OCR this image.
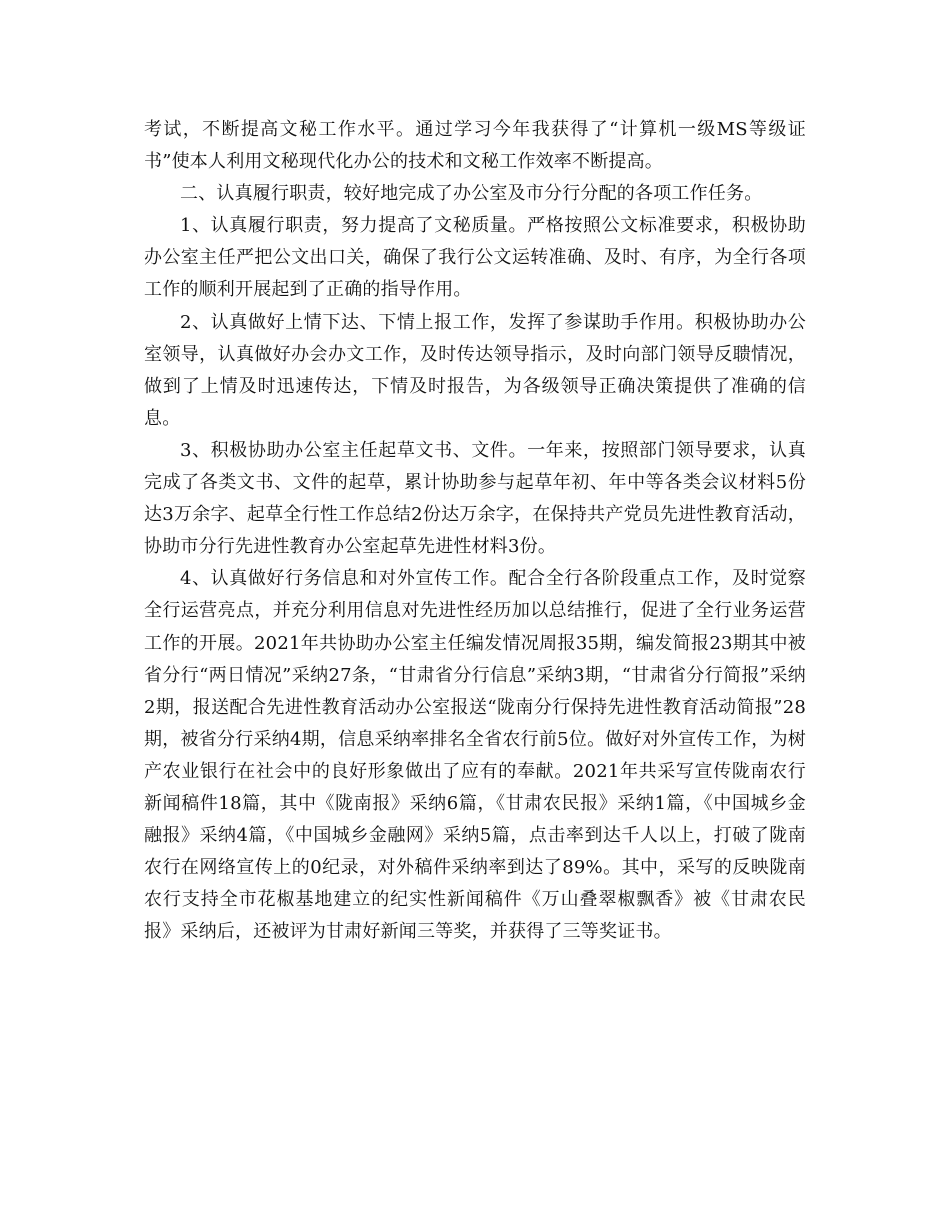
考试，不断提高文秘工作水平。通过学习今年我获得了“计算机一级MS等级证书”使本人利用文秘现代化办公的技术和文秘工作效率不断提高。

二、认真履行职责，较好地完成了办公室及市分行分配的各项工作任务。

1、认真履行职责，努力提高了文秘质量。严格按照公文标准要求，积极协助办公室主任严把公文出口关，确保了我行公文运转准确、及时、有序，为全行各项工作的顺利开展起到了正确的指导作用。

2、认真做好上情下达、下情上报工作，发挥了参谋助手作用。积极协助办公室领导，认真做好办会办文工作，及时传达领导指示，及时向部门领导反聩情况，做到了上情及时迅速传达，下情及时报告，为各级领导正确决策提供了准确的信息。

3、积极协助办公室主任起草文书、文件。一年来，按照部门领导要求，认真完成了各类文书、文件的起草，累计协助参与起草年初、年中等各类会议材料5份达3万余字、起草全行性工作总结2份达万余字，在保持共产党员先进性教育活动，协助市分行先进性教育办公室起草先进性材料3份。

4、认真做好行务信息和对外宣传工作。配合全行各阶段重点工作，及时觉察全行运营亮点，并充分利用信息对先进性经历加以总结推行，促进了全行业务运营工作的开展。2021年共协助办公室主任编发情况周报35期，编发简报23期其中被省分行“两日情况”采纳27条，“甘肃省分行信息”采纳3期，“甘肃省分行简报”采纳2期，报送配合先进性教育活动办公室报送“陇南分行保持先进性教育活动简报”28期，被省分行采纳4期，信息采纳率排名全省农行前5位。做好对外宣传工作，为树产农业银行在社会中的良好形象做出了应有的奉献。2021年共采写宣传陇南农行新闻稿件18篇，其中《陇南报》采纳6篇，《甘肃农民报》采纳1篇，《中国城乡金融报》采纳4篇，《中国城乡金融网》采纳5篇，点击率到达千人以上，打破了陇南农行在网络宣传上的0纪录，对外稿件采纳率到达了89%。其中，采写的反映陇南农行支持全市花椒基地建立的纪实性新闻稿件《万山叠翠椒飘香》被《甘肃农民报》采纳后，还被评为甘肃好新闻三等奖，并获得了三等奖证书。
